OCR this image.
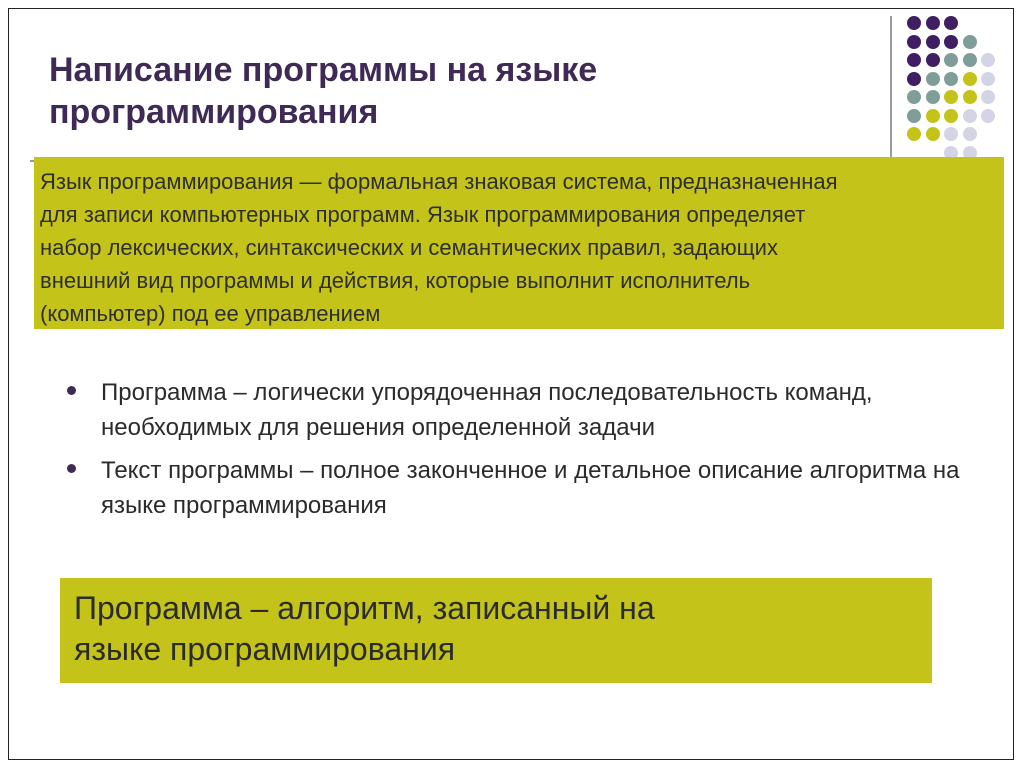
Написание программы на языке программирования

Язык программирования — формальная знаковая система, предназначенная
для записи компьютерных программ. Язык программирования определяет
набор лексических, синтаксических и семантических правил, задающих
внешний вид программы и действия, которые выполнит исполнитель
(компьютер) под ее управлением

Программа – логически упорядоченная последовательность команд, необходимых для решения определенной задачи
Текст программы – полное законченное и детальное описание алгоритма на языке программирования

Программа – алгоритм, записанный на
языке программирования
